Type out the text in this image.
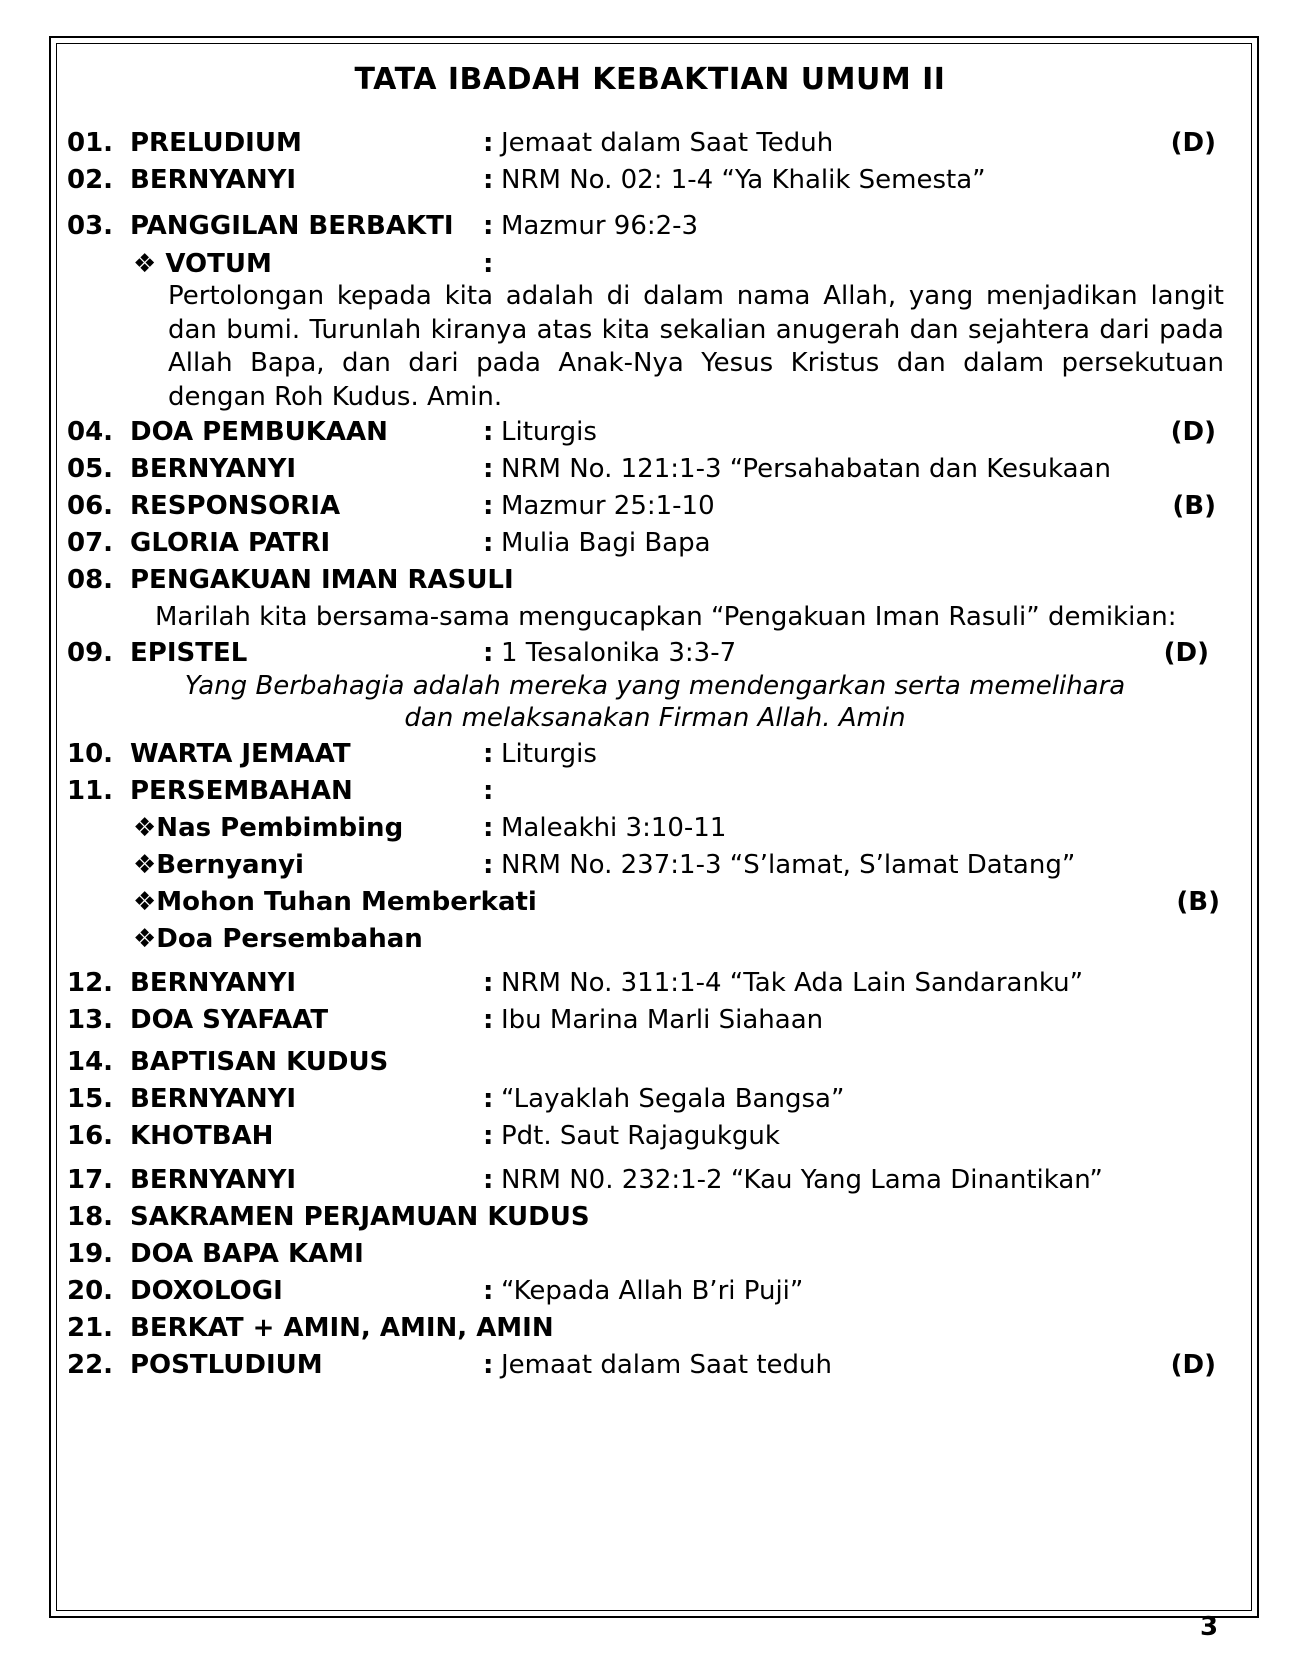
TATA IBADAH KEBAKTIAN UMUM II
01. PRELUDIUM	: Jemaat dalam Saat Teduh	(D)
02. BERNYANYI	: NRM No. 02: 1-4 “Ya Khalik Semesta”
03. PANGGILAN BERBAKTI : Mazmur 96:2-3
❖ VOTUM	:
Pertolongan kepada kita adalah di dalam nama Allah, yang menjadikan langit dan bumi. Turunlah kiranya atas kita sekalian anugerah dan sejahtera dari pada Allah Bapa, dan dari pada Anak-Nya Yesus Kristus dan dalam persekutuan dengan Roh Kudus. Amin.
04. DOA PEMBUKAAN	: Liturgis	(D)
05. BERNYANYI	: NRM No. 121:1-3 “Persahabatan dan Kesukaan
06. RESPONSORIA	: Mazmur 25:1-10	(B)
07. GLORIA PATRI	: Mulia Bagi Bapa
08. PENGAKUAN IMAN RASULI
Marilah kita bersama-sama mengucapkan “Pengakuan Iman Rasuli” demikian:
09. EPISTEL	: 1 Tesalonika 3:3-7	(D)
Yang Berbahagia adalah mereka yang mendengarkan serta memelihara
dan melaksanakan Firman Allah. Amin
10. WARTA JEMAAT	: Liturgis
11. PERSEMBAHAN	:
❖Nas Pembimbing	: Maleakhi 3:10-11
❖Bernyanyi	: NRM No. 237:1-3 “S’lamat, S’lamat Datang”
❖Mohon Tuhan Memberkati	(B)
❖Doa Persembahan
12. BERNYANYI	: NRM No. 311:1-4 “Tak Ada Lain Sandaranku”
13. DOA SYAFAAT	: Ibu Marina Marli Siahaan
14. BAPTISAN KUDUS
15. BERNYANYI	: “Layaklah Segala Bangsa”
16. KHOTBAH	: Pdt. Saut Rajagukguk
17. BERNYANYI	: NRM N0. 232:1-2 “Kau Yang Lama Dinantikan”
18. SAKRAMEN PERJAMUAN KUDUS
19. DOA BAPA KAMI
20. DOXOLOGI	: “Kepada Allah B’ri Puji”
21. BERKAT + AMIN, AMIN, AMIN
22. POSTLUDIUM	: Jemaat dalam Saat teduh	(D)
3
